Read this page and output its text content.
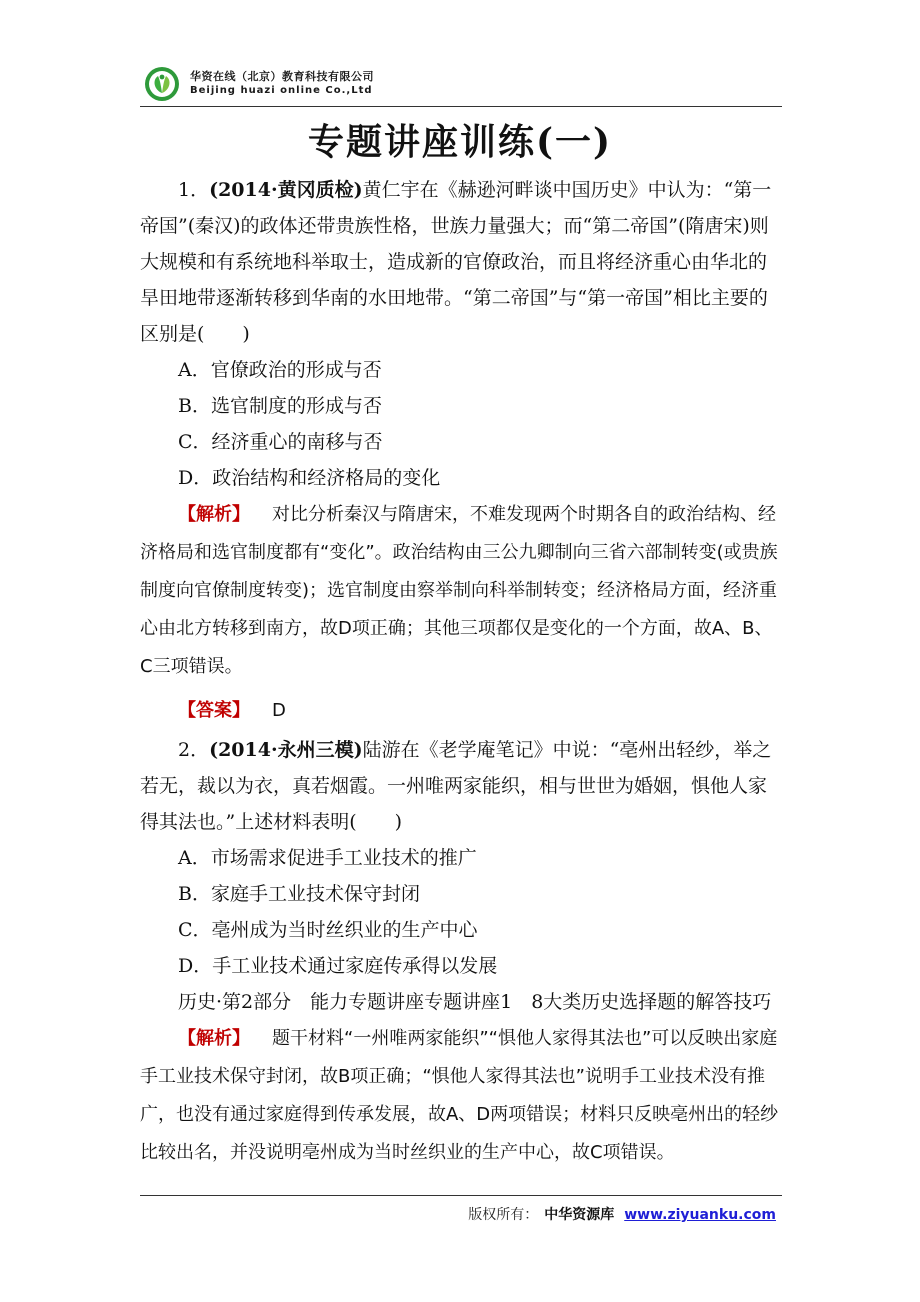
华资在线（北京）教育科技有限公司
Beijing huazi online Co.,Ltd
专题讲座训练(一)

1．(2014·黄冈质检)黄仁宇在《赫逊河畔谈中国历史》中认为：“第一帝国”(秦汉)的政体还带贵族性格，世族力量强大；而“第二帝国”(隋唐宋)则大规模和有系统地科举取士，造成新的官僚政治，而且将经济重心由华北的旱田地带逐渐转移到华南的水田地带。“第二帝国”与“第一帝国”相比主要的区别是(　　)

A．官僚政治的形成与否

B．选官制度的形成与否

C．经济重心的南移与否

D．政治结构和经济格局的变化

【解析】 对比分析秦汉与隋唐宋，不难发现两个时期各自的政治结构、经济格局和选官制度都有“变化”。政治结构由三公九卿制向三省六部制转变(或贵族制度向官僚制度转变)；选官制度由察举制向科举制转变；经济格局方面，经济重心由北方转移到南方，故D项正确；其他三项都仅是变化的一个方面，故A、B、C三项错误。

【答案】 D

2．(2014·永州三模)陆游在《老学庵笔记》中说：“亳州出轻纱，举之若无，裁以为衣，真若烟霞。一州唯两家能织，相与世世为婚姻，惧他人家得其法也。”上述材料表明(　　)

A．市场需求促进手工业技术的推广

B．家庭手工业技术保守封闭

C．亳州成为当时丝织业的生产中心

D．手工业技术通过家庭传承得以发展

历史·第2部分　能力专题讲座专题讲座1　8大类历史选择题的解答技巧

【解析】 题干材料“一州唯两家能织”“惧他人家得其法也”可以反映出家庭手工业技术保守封闭，故B项正确；“惧他人家得其法也”说明手工业技术没有推广，也没有通过家庭得到传承发展，故A、D两项错误；材料只反映亳州出的轻纱比较出名，并没说明亳州成为当时丝织业的生产中心，故C项错误。

版权所有： 中华资源库 www.ziyuanku.com
